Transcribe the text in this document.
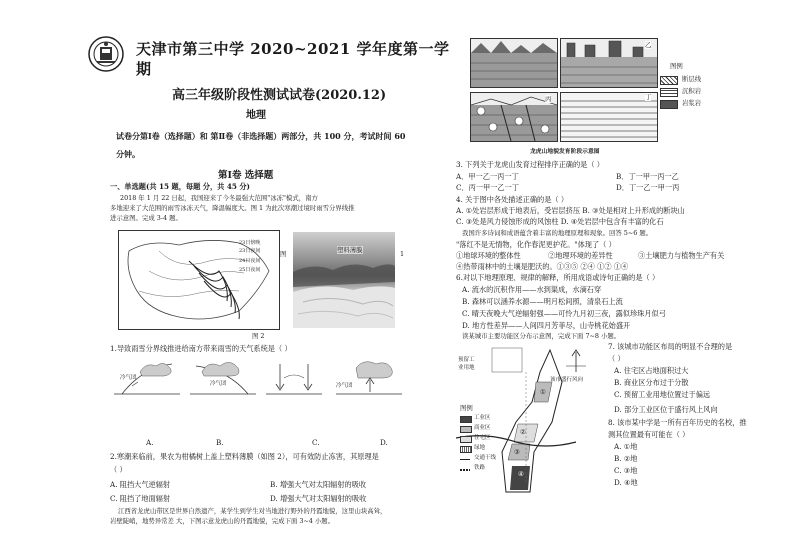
天津市第三中学 2020~2021 学年度第一学
期
高三年级阶段性测试试卷(2020.12)
地理
试卷分第Ⅰ卷（选择题）和 第Ⅱ卷（非选择题）两部分，共 100 分，考试时间 60
分钟。
第Ⅰ卷 选择题
一、单选题(共 15 题，每题 分，共 45 分)
2018 年 1 月 22 日起，我国迎来了今冬最强大范围"冰冻"模式，南方
多地迎来了大范围的雨雪冰冻天气，降温幅度大。图 1 为此次寒潮过境时雨雪分界线推
进示意图。完成 3-4 题。
23日傍晚
23日夜间
24日夜间
25日夜间
图	塑料薄膜	1
图 2
1.导致雨雪分界线推进给南方带来雨雪的天气系统是（ ）
冷气团
冷气团	冷气团
A.	B.	C.	D.
2.寒潮来临前，果农为柑橘树上盖上塑料薄膜（如图 2），可有效防止冻害，其原理是
（ ）
A. 阻挡大气逆辐射	B. 增强大气对太阳辐射的吸收
C. 阻挡了地面辐射	D. 增强大气对太阳辐射的吸收
江西省龙虎山带区是世界自然遗产，某学生到学生对当地进行野外的丹霞地貌，这里山块高耸，
岩壁陡峭，地势异常差 大，下图示意龙虎山的丹霞地貌，完成下面 3~4 小题。
乙
图例
断层线
沉积岩
岩浆岩
丙	丁
龙虎山地貌发育阶段示意图
3. 下列关于龙虎山发育过程排序正确的是（ ）
A．甲一乙一丙一丁	B．丁一甲一丙一乙
C．丙一甲一乙一丁	D．丁一乙一甲一丙
4. 关于图中各处描述正确的是（ ）
A. ①处岩层形成于地表后，受岩层挤压 B. ③处是相对上升形成的断块山
C. ③处是风力侵蚀形成的风蚀柱 D. ④处岩层中包含有丰富的化石
我国许多诗词和成语蕴含着丰富的地理原理和现象。回答 5~6 题。
"落红不是无情物，化作春泥更护花。"体现了（ ）
①地球环境的整体性	②地理环境的差异性	③土壤肥力与植物生产有关
④热带雨林中的土壤是肥沃的。①③⑤ ②④ ①② ①④
6.对以下地理原理、规律的解释，所用成语或诗句正确的是（ ）
A. 流水的沉积作用——水到渠成，水滴石穿
B. 森林可以涵养水源——明月松间照，清泉石上流
C. 晴天夜晚大气逆辐射强——可怜九月初三夜，露似珍珠月似弓
D. 地方性差异——人间四月芳菲尽，山寺桃花始盛开
读某城市主要功能区分布示意图，完成下面 7~8 小题。
预留工
业用地
该市盛行风向
①
②
③
④
图例
工业区
商业区
住宅区
绿地
交通干线
铁路
7. 该城市功能区布局的明显不合理的是
（ ）
A. 住宅区占地面积过大
B. 商业区分布过于分散
C. 预留工业用地位置过于偏远
D. 部分工业区位于盛行风上风向
8. 该市某中学是一所有百年历史的名校，推
测其位置最有可能在（ ）
A. ①地
B. ②地
C. ③地
D. ④地
